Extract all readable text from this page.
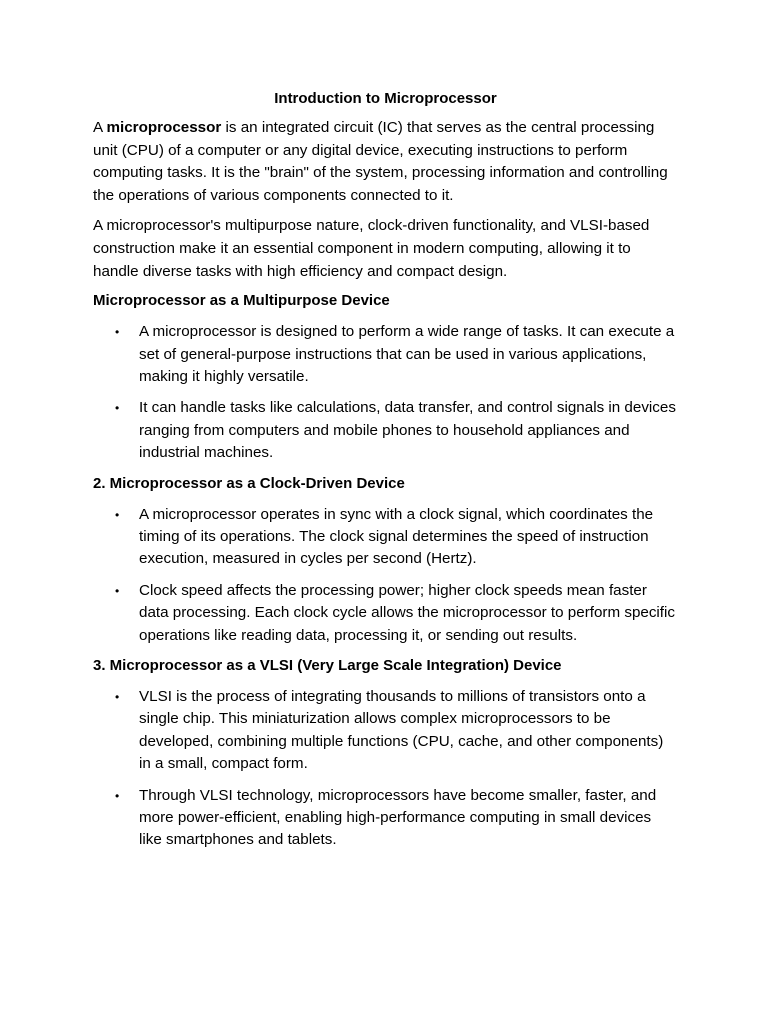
Introduction to Microprocessor

A microprocessor is an integrated circuit (IC) that serves as the central processing unit (CPU) of a computer or any digital device, executing instructions to perform computing tasks. It is the "brain" of the system, processing information and controlling the operations of various components connected to it.

A microprocessor's multipurpose nature, clock-driven functionality, and VLSI-based construction make it an essential component in modern computing, allowing it to handle diverse tasks with high efficiency and compact design.

Microprocessor as a Multipurpose Device
• A microprocessor is designed to perform a wide range of tasks. It can execute a set of general-purpose instructions that can be used in various applications, making it highly versatile.
• It can handle tasks like calculations, data transfer, and control signals in devices ranging from computers and mobile phones to household appliances and industrial machines.
2. Microprocessor as a Clock-Driven Device
• A microprocessor operates in sync with a clock signal, which coordinates the timing of its operations. The clock signal determines the speed of instruction execution, measured in cycles per second (Hertz).
• Clock speed affects the processing power; higher clock speeds mean faster data processing. Each clock cycle allows the microprocessor to perform specific operations like reading data, processing it, or sending out results.
3. Microprocessor as a VLSI (Very Large Scale Integration) Device
• VLSI is the process of integrating thousands to millions of transistors onto a single chip. This miniaturization allows complex microprocessors to be developed, combining multiple functions (CPU, cache, and other components) in a small, compact form.
• Through VLSI technology, microprocessors have become smaller, faster, and more power-efficient, enabling high-performance computing in small devices like smartphones and tablets.
